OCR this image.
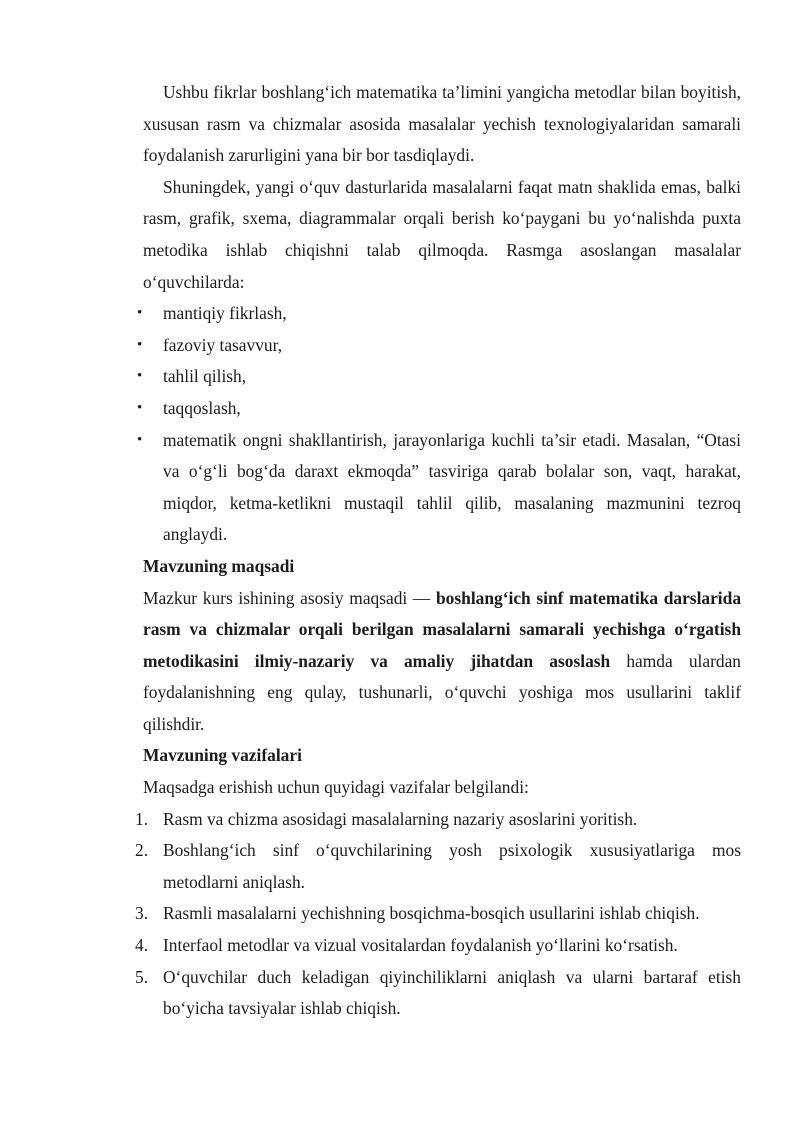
Ushbu fikrlar boshlang‘ich matematika ta’limini yangicha metodlar bilan boyitish, xususan rasm va chizmalar asosida masalalar yechish texnologiyalaridan samarali foydalanish zarurligini yana bir bor tasdiqlaydi.

Shuningdek, yangi o‘quv dasturlarida masalalarni faqat matn shaklida emas, balki rasm, grafik, sxema, diagrammalar orqali berish ko‘paygani bu yo‘nalishda puxta metodika ishlab chiqishni talab qilmoqda. Rasmga asoslangan masalalar o‘quvchilarda:

• mantiqiy fikrlash,
• fazoviy tasavvur,
• tahlil qilish,
• taqqoslash,
• matematik ongni shakllantirish, jarayonlariga kuchli ta’sir etadi. Masalan, “Otasi va o‘g‘li bog‘da daraxt ekmoqda” tasviriga qarab bolalar son, vaqt, harakat, miqdor, ketma-ketlikni mustaqil tahlil qilib, masalaning mazmunini tezroq anglaydi.

Mavzuning maqsadi

Mazkur kurs ishining asosiy maqsadi — boshlang‘ich sinf matematika darslarida rasm va chizmalar orqali berilgan masalalarni samarali yechishga o‘rgatish metodikasini ilmiy-nazariy va amaliy jihatdan asoslash hamda ulardan foydalanishning eng qulay, tushunarli, o‘quvchi yoshiga mos usullarini taklif qilishdir.

Mavzuning vazifalari

Maqsadga erishish uchun quyidagi vazifalar belgilandi:

1. Rasm va chizma asosidagi masalalarning nazariy asoslarini yoritish.
2. Boshlang‘ich sinf o‘quvchilarining yosh psixologik xususiyatlariga mos metodlarni aniqlash.
3. Rasmli masalalarni yechishning bosqichma-bosqich usullarini ishlab chiqish.
4. Interfaol metodlar va vizual vositalardan foydalanish yo‘llarini ko‘rsatish.
5. O‘quvchilar duch keladigan qiyinchiliklarni aniqlash va ularni bartaraf etish bo‘yicha tavsiyalar ishlab chiqish.
